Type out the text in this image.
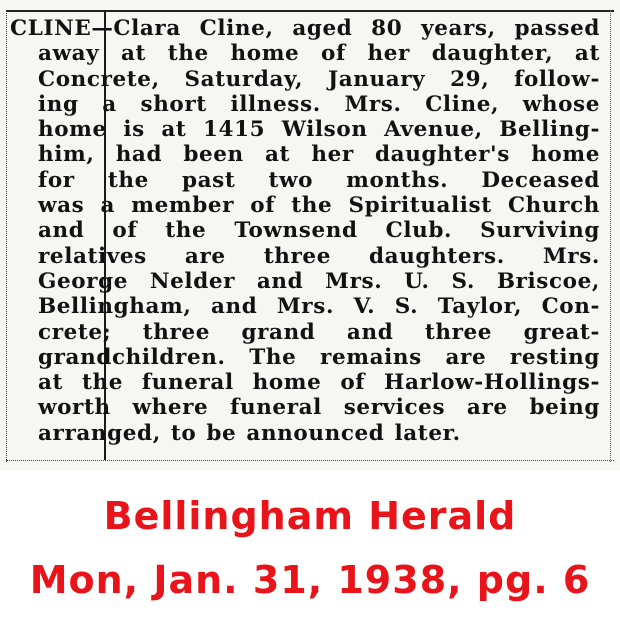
CLINE—Clara Cline, aged 80 years, passed
away at the home of her daughter, at
Concrete, Saturday, January 29, follow-
ing a short illness. Mrs. Cline, whose
home is at 1415 Wilson Avenue, Belling-
him, had been at her daughter's home
for the past two months. Deceased
was a member of the Spiritualist Church
and of the Townsend Club. Surviving
relatives are three daughters. Mrs.
George Nelder and Mrs. U. S. Briscoe,
Bellingham, and Mrs. V. S. Taylor, Con-
crete; three grand and three great-
grandchildren. The remains are resting
at the funeral home of Harlow-Hollings-
worth where funeral services are being
arranged, to be announced later.
Bellingham Herald
Mon, Jan. 31, 1938, pg. 6
